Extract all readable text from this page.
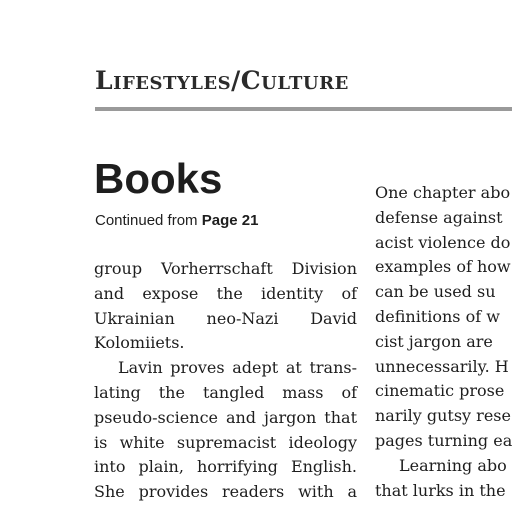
Lifestyles/Culture
Books
Continued from Page 21
group Vorherrschaft Division
and expose the identity of
Ukrainian neo-Nazi David
Kolomiiets.
Lavin proves adept at trans-
lating the tangled mass of
pseudo-science and jargon that
is white supremacist ideology
into plain, horrifying English.
She provides readers with a
One chapter abo
defense against
acist violence do
examples of how
can be used su
definitions of w
cist jargon are
unnecessarily. H
cinematic prose
narily gutsy rese
pages turning ea
Learning abo
that lurks in the
